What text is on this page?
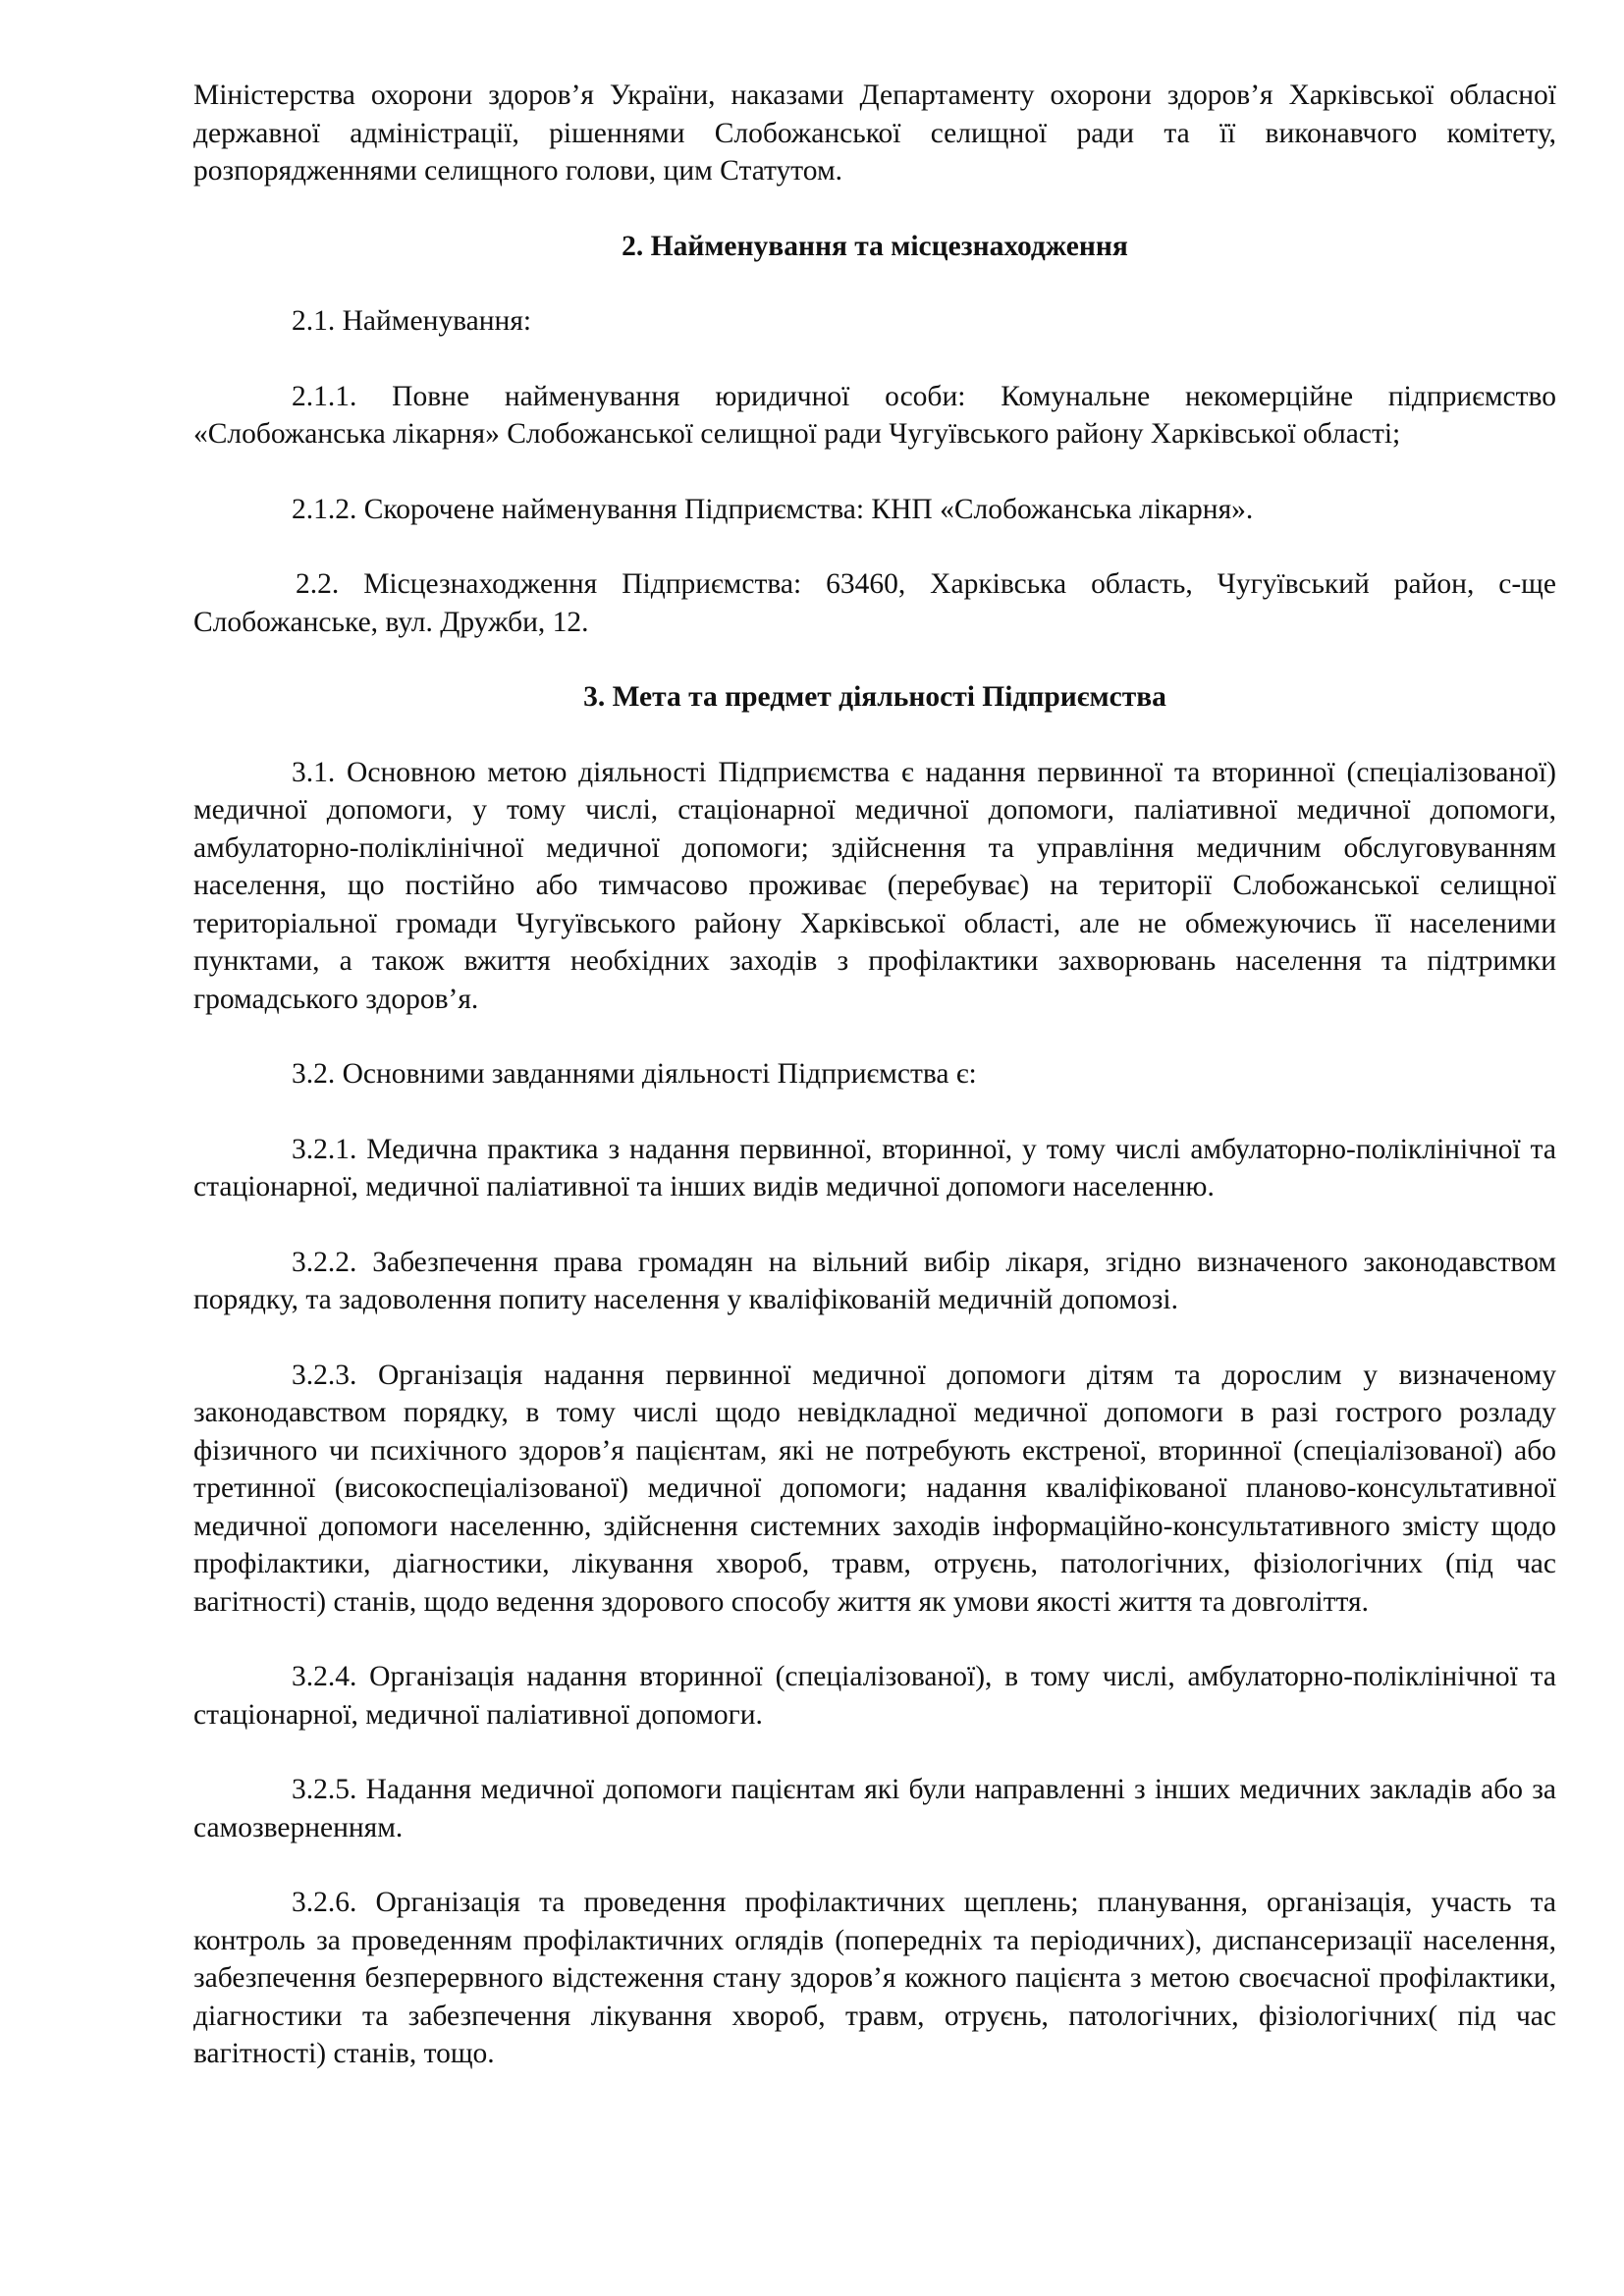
Міністерства охорони здоров’я України, наказами Департаменту охорони здоров’я Харківської обласної державної адміністрації, рішеннями Слобожанської селищної ради та її виконавчого комітету, розпорядженнями селищного голови, цим Статутом.

2. Найменування та місцезнаходження

2.1. Найменування:

2.1.1. Повне найменування юридичної особи: Комунальне некомерційне підприємство «Слобожанська лікарня» Слобожанської селищної ради Чугуївського району Харківської області;

2.1.2. Скорочене найменування Підприємства: КНП «Слобожанська лікарня».

2.2. Місцезнаходження Підприємства: 63460, Харківська область, Чугуївський район, с-ще Слобожанське, вул. Дружби, 12.

3. Мета та предмет діяльності Підприємства

3.1. Основною метою діяльності Підприємства є надання первинної та вторинної (спеціалізованої) медичної допомоги, у тому числі, стаціонарної медичної допомоги, паліативної медичної допомоги, амбулаторно-поліклінічної медичної допомоги; здійснення та управління медичним обслуговуванням населення, що постійно або тимчасово проживає (перебуває) на території Слобожанської селищної територіальної громади Чугуївського району Харківської області, але не обмежуючись її населеними пунктами, а також вжиття необхідних заходів з профілактики захворювань населення та підтримки громадського здоров’я.

3.2. Основними завданнями діяльності Підприємства є:

3.2.1. Медична практика з надання первинної, вторинної, у тому числі амбулаторно-поліклінічної та стаціонарної, медичної паліативної та інших видів медичної допомоги населенню.

3.2.2. Забезпечення права громадян на вільний вибір лікаря, згідно визначеного законодавством порядку, та задоволення попиту населення у кваліфікованій медичній допомозі.

3.2.3. Організація надання первинної медичної допомоги дітям та дорослим у визначеному законодавством порядку, в тому числі щодо невідкладної медичної допомоги в разі гострого розладу фізичного чи психічного здоров’я пацієнтам, які не потребують екстреної, вторинної (спеціалізованої) або третинної (високоспеціалізованої) медичної допомоги; надання кваліфікованої планово-консультативної медичної допомоги населенню, здійснення системних заходів інформаційно-консультативного змісту щодо профілактики, діагностики, лікування хвороб, травм, отруєнь, патологічних, фізіологічних (під час вагітності) станів, щодо ведення здорового способу життя як умови якості життя та довголіття.

3.2.4. Організація надання вторинної (спеціалізованої), в тому числі, амбулаторно-поліклінічної та стаціонарної, медичної паліативної допомоги.

3.2.5. Надання медичної допомоги пацієнтам які були направленні з інших медичних закладів або за самозверненням.

3.2.6. Організація та проведення профілактичних щеплень; планування, організація, участь та контроль за проведенням профілактичних оглядів (попередніх та періодичних), диспансеризації населення, забезпечення безперервного відстеження стану здоров’я кожного пацієнта з метою своєчасної профілактики, діагностики та забезпечення лікування хвороб, травм, отруєнь, патологічних, фізіологічних( під час вагітності) станів, тощо.
